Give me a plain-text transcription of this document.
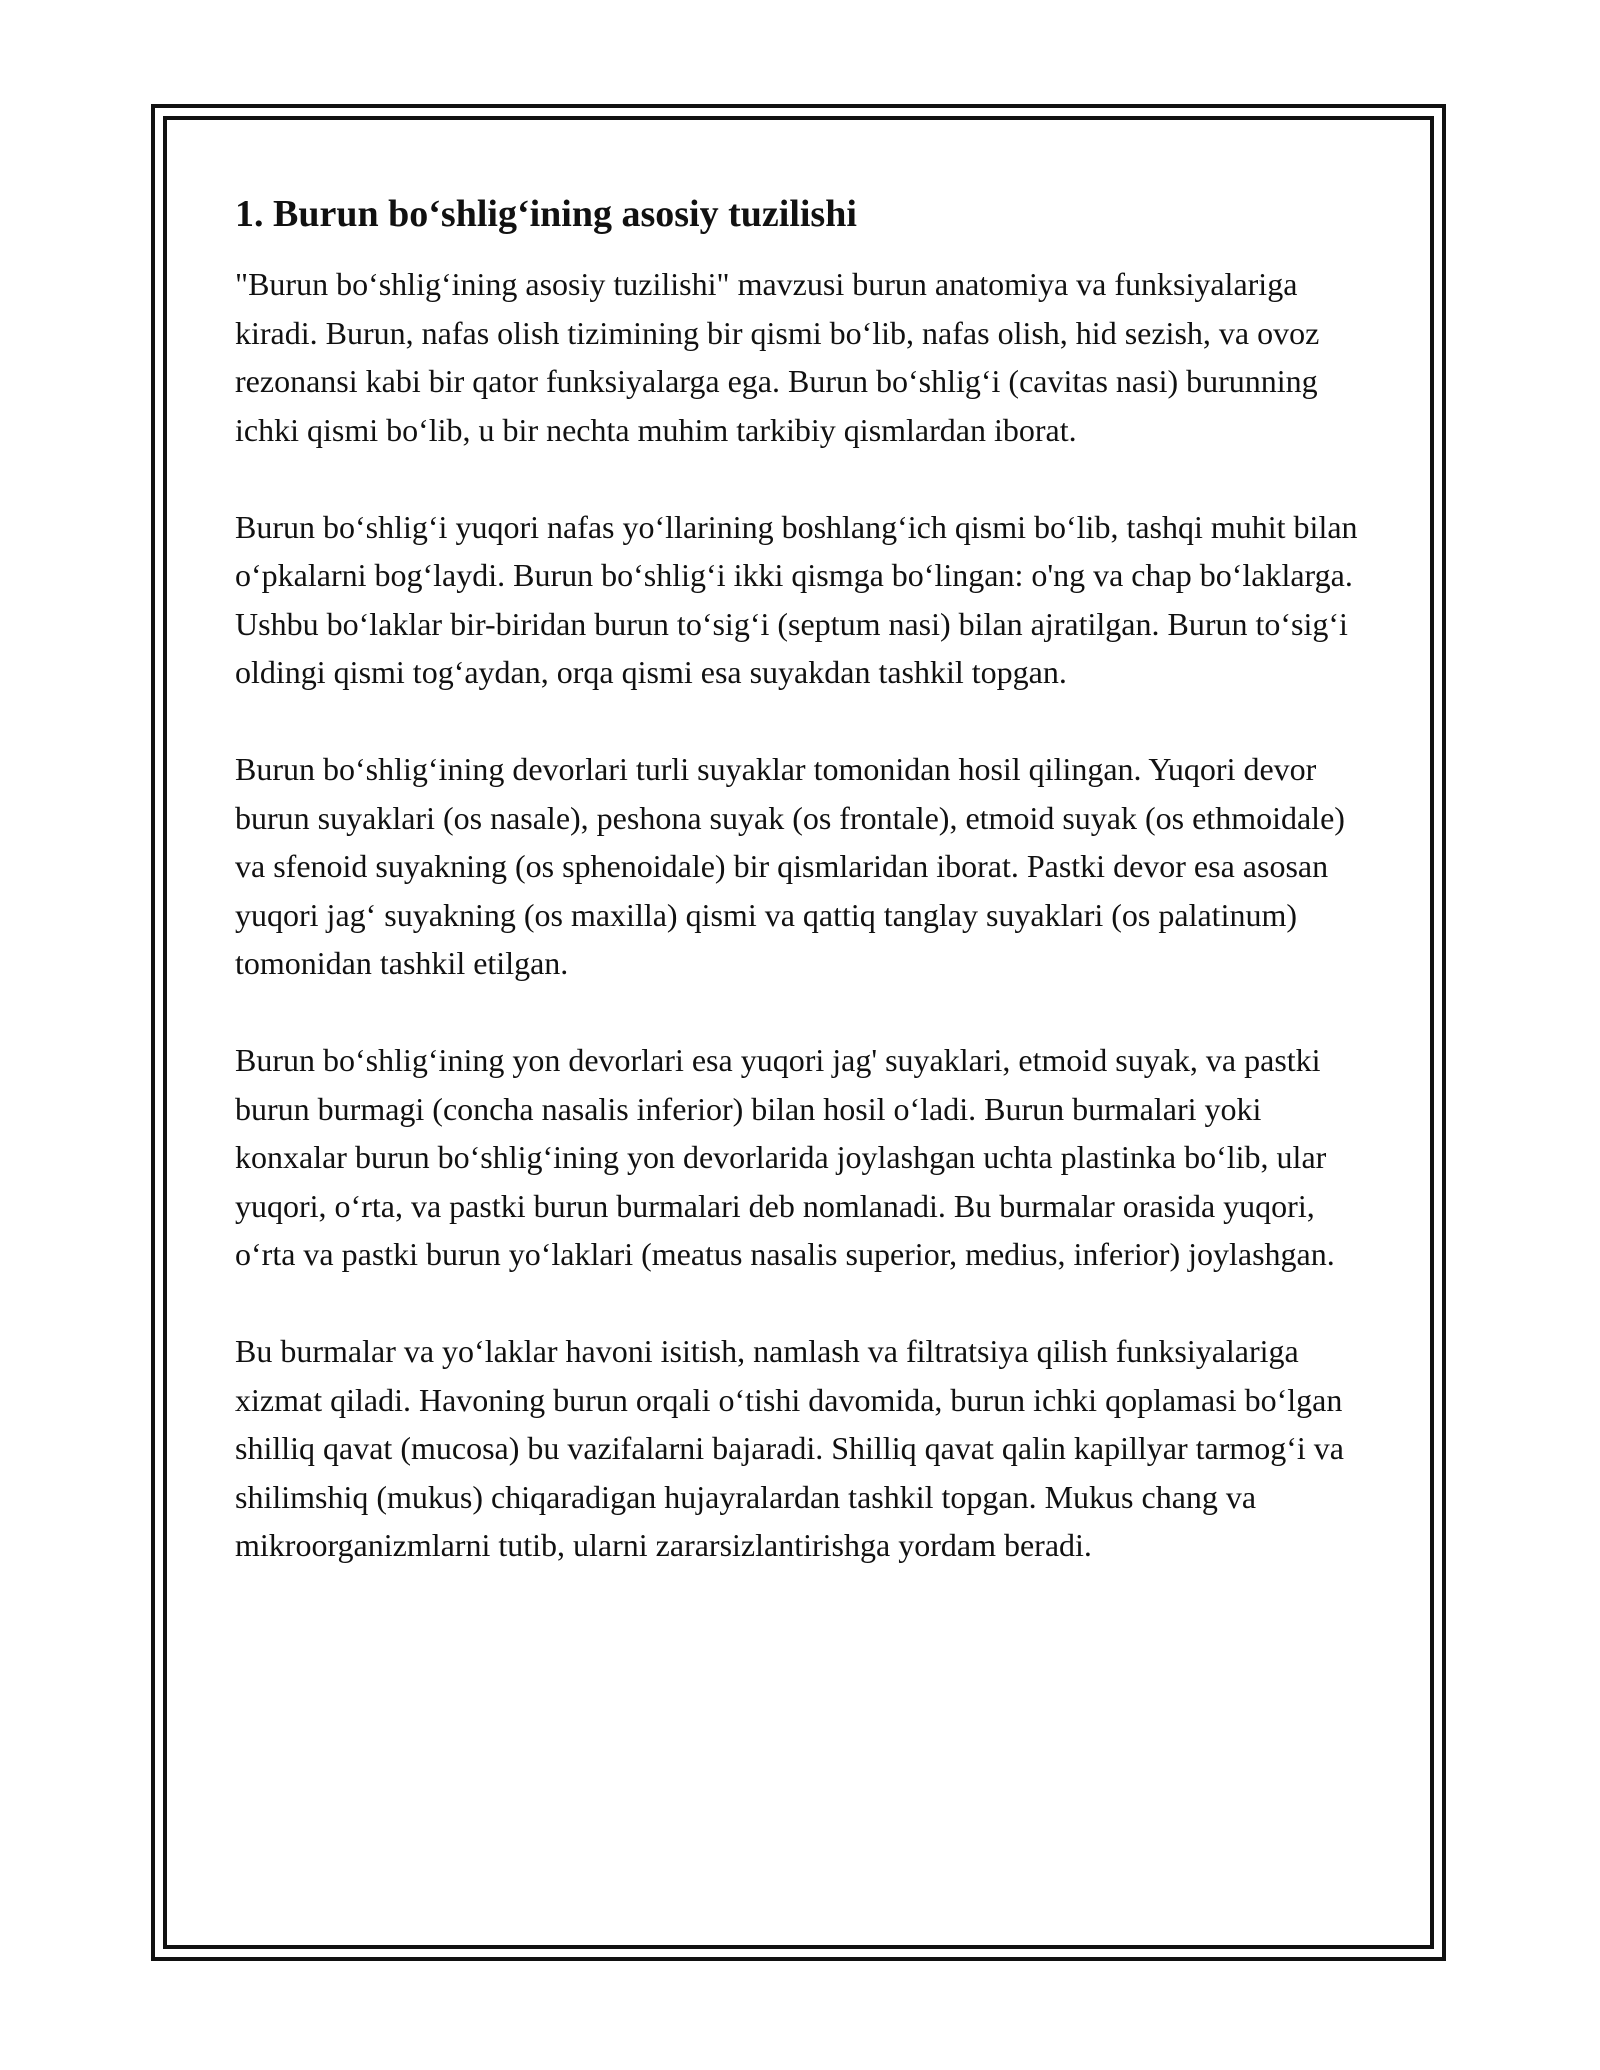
1. Burun bo‘shlig‘ining asosiy tuzilishi

"Burun bo‘shlig‘ining asosiy tuzilishi" mavzusi burun anatomiya va funksiyalariga kiradi. Burun, nafas olish tizimining bir qismi bo‘lib, nafas olish, hid sezish, va ovoz rezonansi kabi bir qator funksiyalarga ega. Burun bo‘shlig‘i (cavitas nasi) burunning ichki qismi bo‘lib, u bir nechta muhim tarkibiy qismlardan iborat.

Burun bo‘shlig‘i yuqori nafas yo‘llarining boshlang‘ich qismi bo‘lib, tashqi muhit bilan o‘pkalarni bog‘laydi. Burun bo‘shlig‘i ikki qismga bo‘lingan: o'ng va chap bo‘laklarga. Ushbu bo‘laklar bir-biridan burun to‘sig‘i (septum nasi) bilan ajratilgan. Burun to‘sig‘i oldingi qismi tog‘aydan, orqa qismi esa suyakdan tashkil topgan.

Burun bo‘shlig‘ining devorlari turli suyaklar tomonidan hosil qilingan. Yuqori devor burun suyaklari (os nasale), peshona suyak (os frontale), etmoid suyak (os ethmoidale) va sfenoid suyakning (os sphenoidale) bir qismlaridan iborat. Pastki devor esa asosan yuqori jag‘ suyakning (os maxilla) qismi va qattiq tanglay suyaklari (os palatinum) tomonidan tashkil etilgan.

Burun bo‘shlig‘ining yon devorlari esa yuqori jag' suyaklari, etmoid suyak, va pastki burun burmagi (concha nasalis inferior) bilan hosil o‘ladi. Burun burmalari yoki konxalar burun bo‘shlig‘ining yon devorlarida joylashgan uchta plastinka bo‘lib, ular yuqori, o‘rta, va pastki burun burmalari deb nomlanadi. Bu burmalar orasida yuqori, o‘rta va pastki burun yo‘laklari (meatus nasalis superior, medius, inferior) joylashgan.

Bu burmalar va yo‘laklar havoni isitish, namlash va filtratsiya qilish funksiyalariga xizmat qiladi. Havoning burun orqali o‘tishi davomida, burun ichki qoplamasi bo‘lgan shilliq qavat (mucosa) bu vazifalarni bajaradi. Shilliq qavat qalin kapillyar tarmog‘i va shilimshiq (mukus) chiqaradigan hujayralardan tashkil topgan. Mukus chang va mikroorganizmlarni tutib, ularni zararsizlantirishga yordam beradi.
